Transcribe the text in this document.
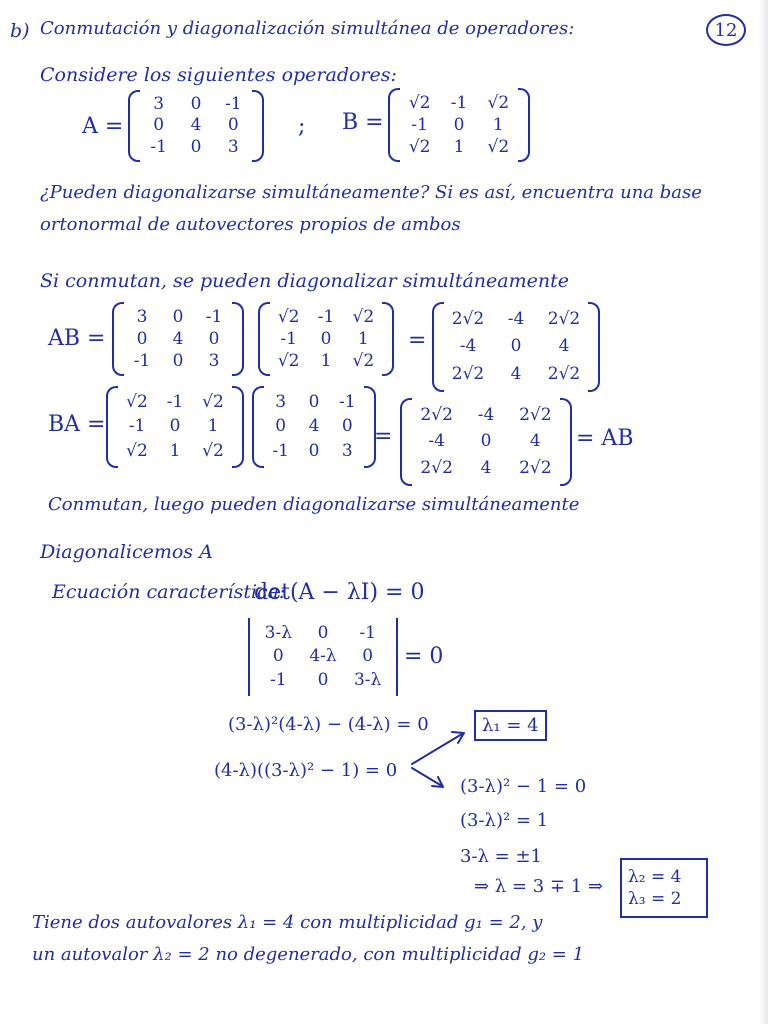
b) Conmutación y diagonalización simultánea de operadores:	12
Considere los siguientes operadores:
A =
3 0 -1
0 4 0
-1 0 3
; B =
√2 -1 √2
-1 0 1
√2 1 √2
¿Pueden diagonalizarse simultáneamente? Si es así, encuentra una base
ortonormal de autovectores propios de ambos
Si conmutan, se pueden diagonalizar simultáneamente
AB =
3 0 -1
0 4 0
-1 0 3
√2 -1 √2
-1 0 1
√2 1 √2
=
2√2 -4 2√2
-4 0 4
2√2 4 2√2
BA =
√2 -1 √2
-1 0 1
√2 1 √2
3 0 -1
0 4 0
-1 0 3
=
2√2 -4 2√2
-4 0 4
2√2 4 2√2
= AB
Conmutan, luego pueden diagonalizarse simultáneamente
Diagonalicemos A
Ecuación característica:
det(A − λI) = 0
3-λ 0 -1
0 4-λ 0
-1 0 3-λ
= 0
(3-λ)²(4-λ) − (4-λ) = 0	λ₁ = 4
(4-λ)((3-λ)² − 1) = 0
(3-λ)² − 1 = 0
(3-λ)² = 1
3-λ = ±1
⇒ λ = 3 ∓ 1 ⇒ λ₂ = 4
λ₃ = 2
Tiene dos autovalores λ₁ = 4 con multiplicidad g₁ = 2, y
un autovalor λ₂ = 2 no degenerado, con multiplicidad g₂ = 1
